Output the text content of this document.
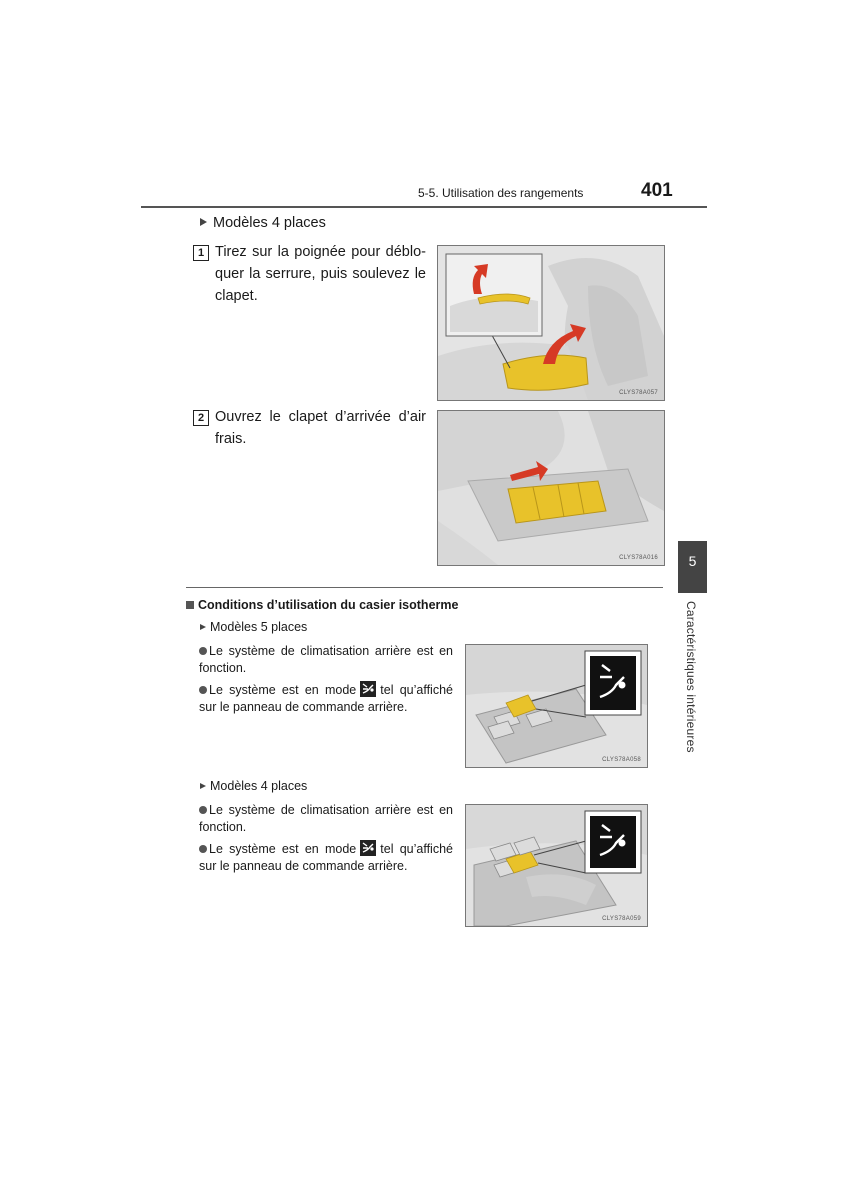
5-5. Utilisation des rangements	401
Modèles 4 places
1 Tirez sur la poignée pour débloquer la serrure, puis soulevez le clapet.
CLYS78A057
2 Ouvrez le clapet d’arrivée d’air frais.
CLYS78A016
Conditions d’utilisation du casier isotherme
Modèles 5 places
Le système de climatisation arrière est en fonction.
Le système est en mode tel qu’affiché sur le panneau de commande arrière.
CLYS78A058
Modèles 4 places
Le système de climatisation arrière est en fonction.
Le système est en mode tel qu’affiché sur le panneau de commande arrière.
CLYS78A059
5
Caractéristiques intérieures
